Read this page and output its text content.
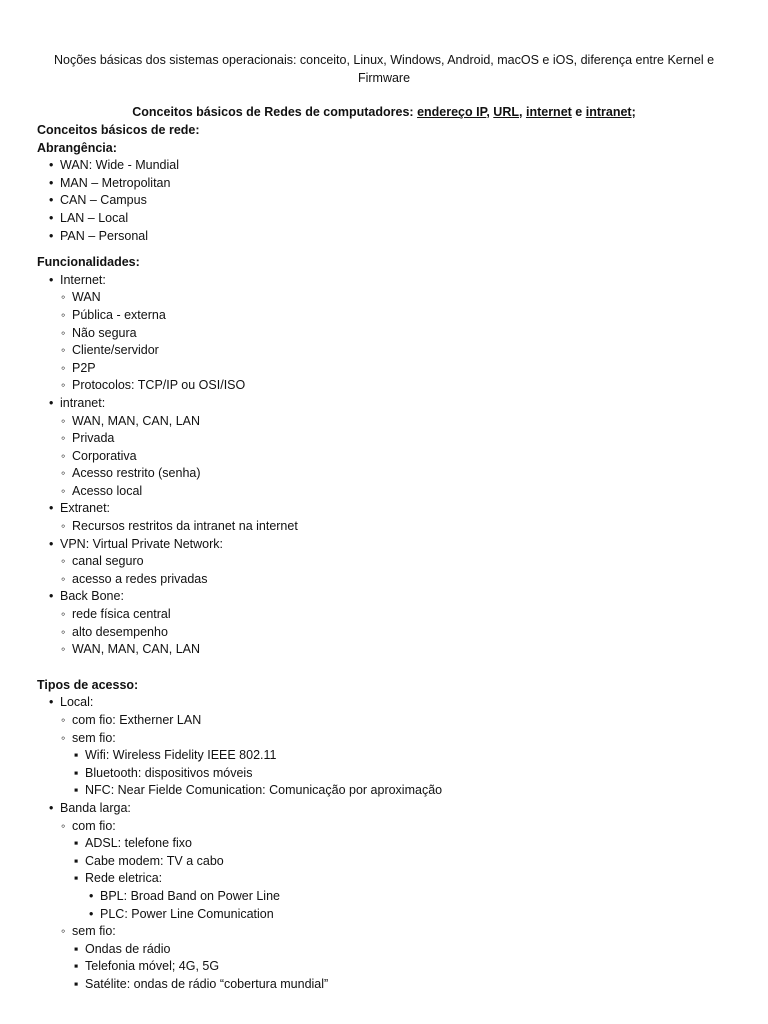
Noções básicas dos sistemas operacionais: conceito, Linux, Windows, Android, macOS e iOS, diferença entre Kernel e Firmware
Conceitos básicos de Redes de computadores: endereço IP, URL, internet e intranet;
Conceitos básicos de rede:
Abrangência:
• WAN: Wide - Mundial
• MAN – Metropolitan
• CAN – Campus
• LAN – Local
• PAN – Personal
Funcionalidades:
• Internet:
◦ WAN
◦ Pública - externa
◦ Não segura
◦ Cliente/servidor
◦ P2P
◦ Protocolos: TCP/IP ou OSI/ISO
• intranet:
◦ WAN, MAN, CAN, LAN
◦ Privada
◦ Corporativa
◦ Acesso restrito (senha)
◦ Acesso local
• Extranet:
◦ Recursos restritos da intranet na internet
• VPN: Virtual Private Network:
◦ canal seguro
◦ acesso a redes privadas
• Back Bone:
◦ rede física central
◦ alto desempenho
◦ WAN, MAN, CAN, LAN
Tipos de acesso:
• Local:
◦ com fio: Extherner LAN
◦ sem fio:
▪ Wifi: Wireless Fidelity IEEE 802.11
▪ Bluetooth: dispositivos móveis
▪ NFC: Near Fielde Comunication: Comunicação por aproximação
• Banda larga:
◦ com fio:
▪ ADSL: telefone fixo
▪ Cabe modem: TV a cabo
▪ Rede eletrica:
• BPL: Broad Band on Power Line
• PLC: Power Line Comunication
◦ sem fio:
▪ Ondas de rádio
▪ Telefonia móvel; 4G, 5G
▪ Satélite: ondas de rádio “cobertura mundial”
